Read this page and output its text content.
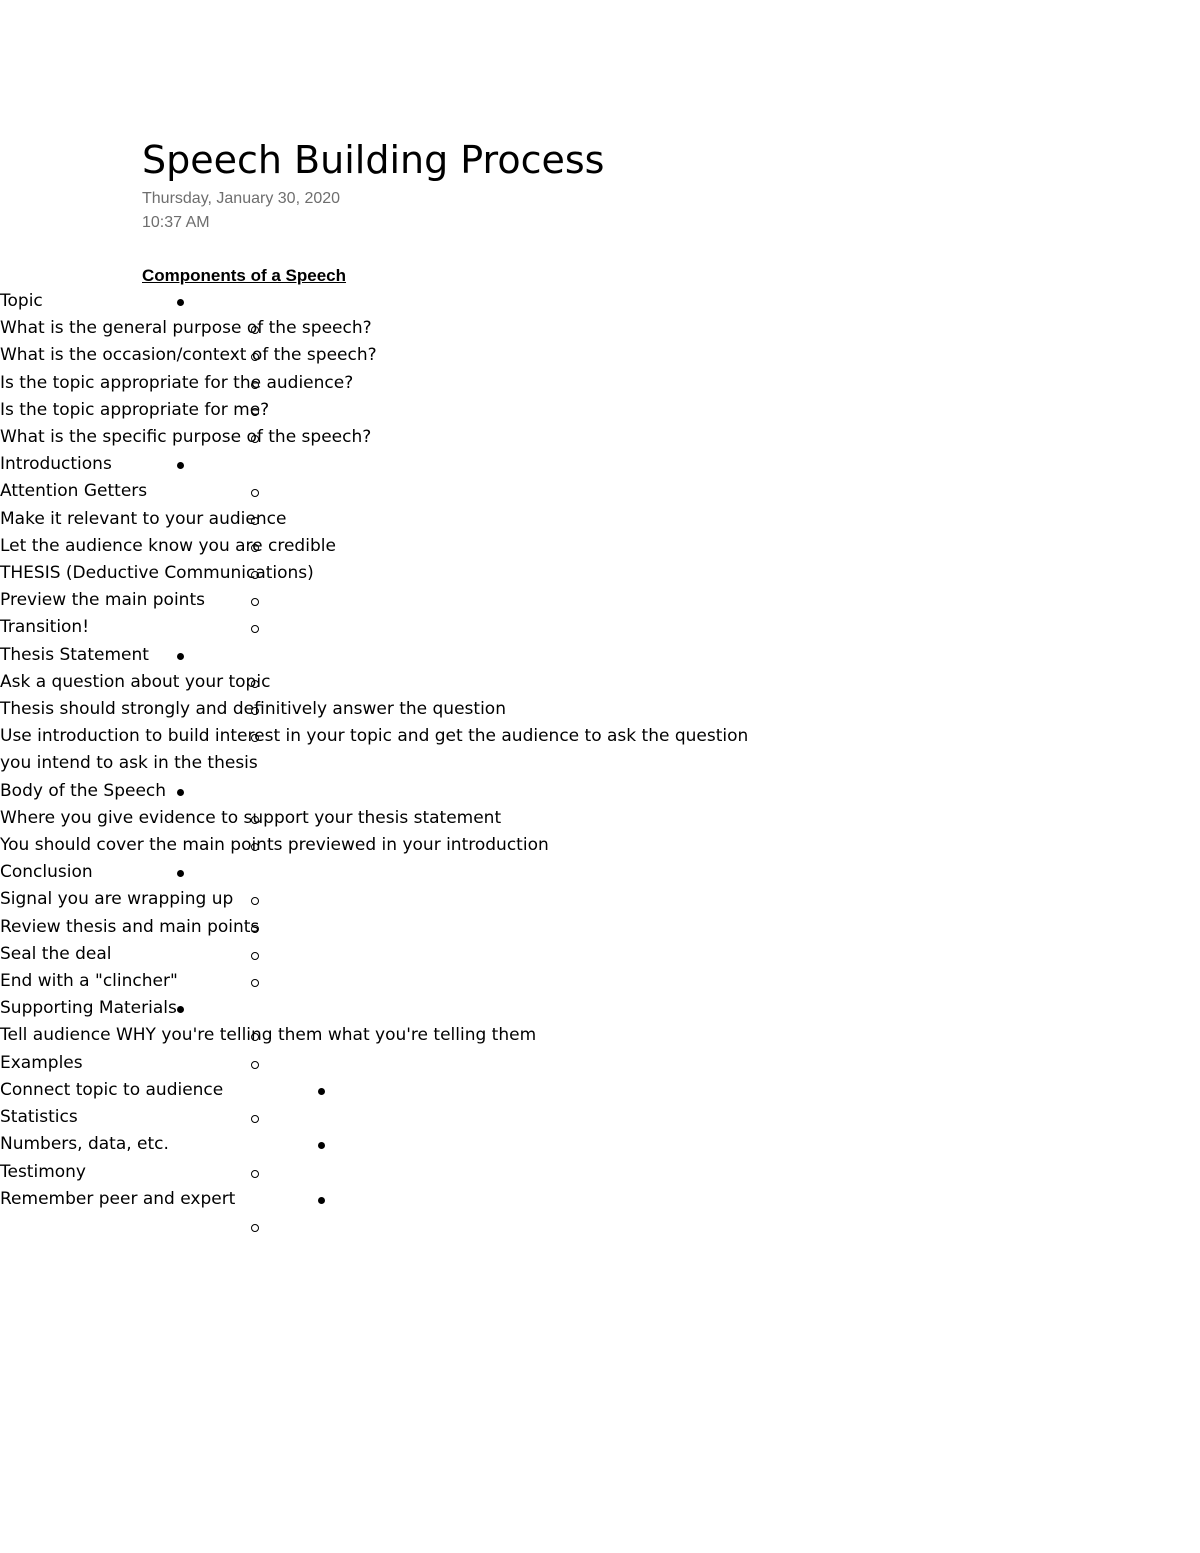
Speech Building Process
Thursday, January 30, 2020
10:37 AM
Components of a Speech
Topic
What is the general purpose of the speech?
What is the occasion/context of the speech?
Is the topic appropriate for the audience?
Is the topic appropriate for me?
What is the specific purpose of the speech?
Introductions
Attention Getters
Make it relevant to your audience
Let the audience know you are credible
THESIS (Deductive Communications)
Preview the main points
Transition!
Thesis Statement
Ask a question about your topic
Thesis should strongly and definitively answer the question
Use introduction to build interest in your topic and get the audience to ask the question you intend to ask in the thesis
Body of the Speech
Where you give evidence to support your thesis statement
You should cover the main points previewed in your introduction
Conclusion
Signal you are wrapping up
Review thesis and main points
Seal the deal
End with a "clincher"
Supporting Materials
Tell audience WHY you're telling them what you're telling them
Examples
Connect topic to audience
Statistics
Numbers, data, etc.
Testimony
Remember peer and expert
